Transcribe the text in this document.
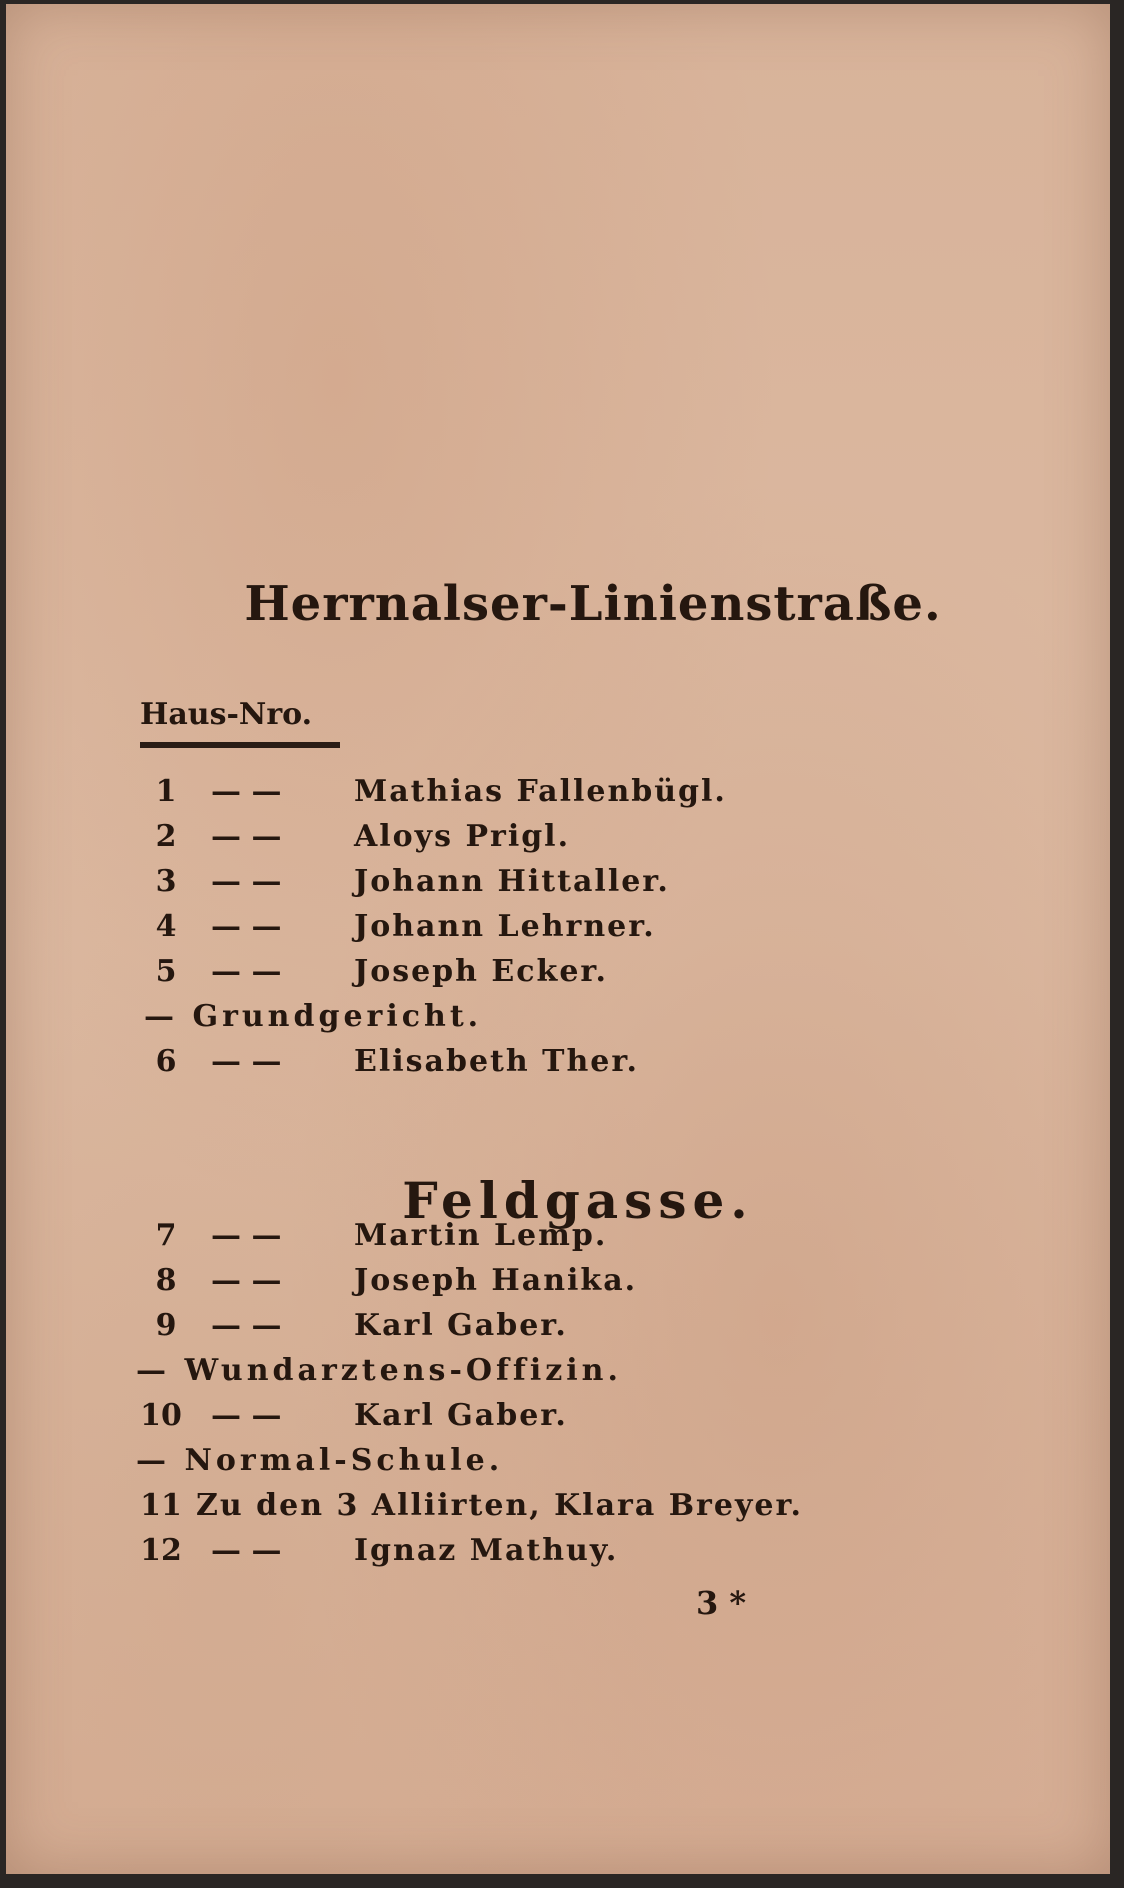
Herrnalser-Linienstraße.
Haus-Nro.
1	— — Mathias Fallenbügl.
2	— — Aloys Prigl.
3	— — Johann Hittaller.
4	— — Johann Lehrner.
5	— — Joseph Ecker.
— Grundgericht.
6	— — Elisabeth Ther.
Feldgasse.
7	— — Martin Lemp.
8	— — Joseph Hanika.
9	— — Karl Gaber.
— Wundarztens-Offizin.
10 — — Karl Gaber.
— Normal-Schule.
11 Zu den 3 Alliirten, Klara Breyer.
12 — — Ignaz Mathuy.
3 *
